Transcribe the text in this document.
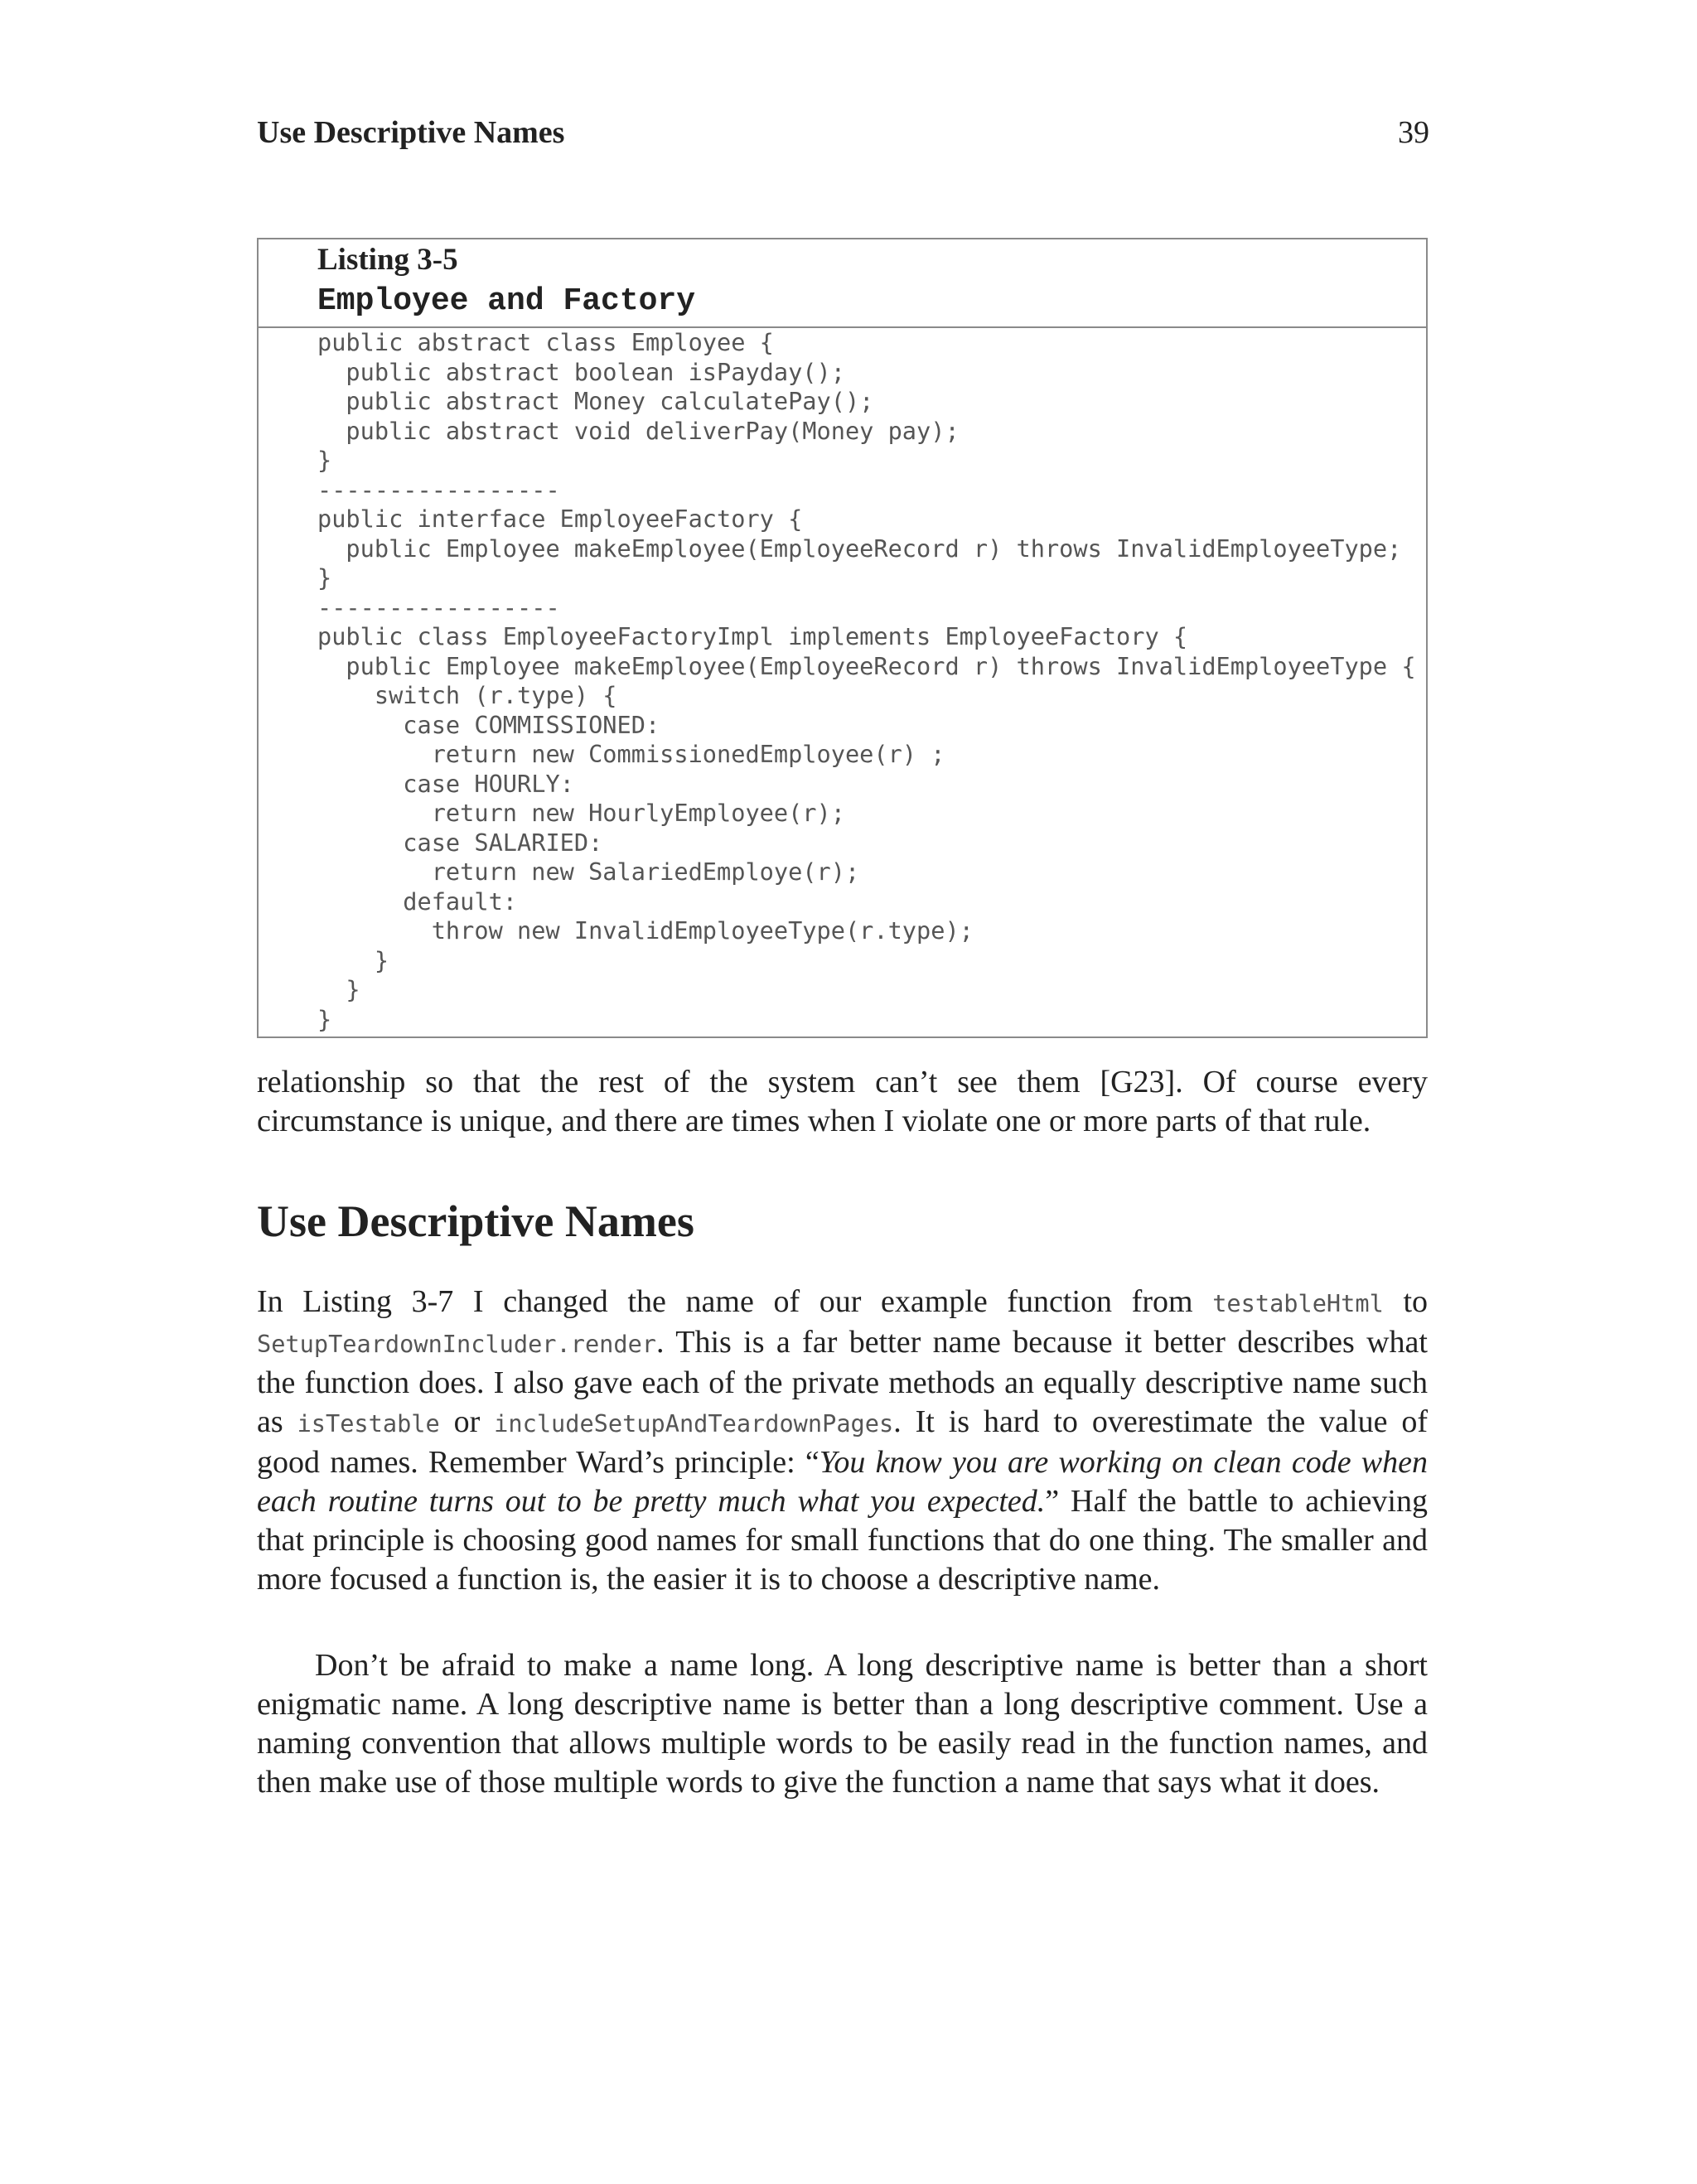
Use Descriptive Names	39
Listing 3-5
Employee and Factory
public abstract class Employee {
public abstract boolean isPayday();
public abstract Money calculatePay();
public abstract void deliverPay(Money pay);
}
-----------------
public interface EmployeeFactory {
public Employee makeEmployee(EmployeeRecord r) throws InvalidEmployeeType;
}
-----------------
public class EmployeeFactoryImpl implements EmployeeFactory {
public Employee makeEmployee(EmployeeRecord r) throws InvalidEmployeeType {
switch (r.type) {
case COMMISSIONED:
return new CommissionedEmployee(r) ;
case HOURLY:
return new HourlyEmployee(r);
case SALARIED:
return new SalariedEmploye(r);
default:
throw new InvalidEmployeeType(r.type);
}
}
}

relationship so that the rest of the system can’t see them [G23]. Of course every circumstance is unique, and there are times when I violate one or more parts of that rule.

Use Descriptive Names

In Listing 3-7 I changed the name of our example function from testableHtml to SetupTeardownIncluder.render. This is a far better name because it better describes what the function does. I also gave each of the private methods an equally descriptive name such as isTestable or includeSetupAndTeardownPages. It is hard to overestimate the value of good names. Remember Ward’s principle: “You know you are working on clean code when each routine turns out to be pretty much what you expected.” Half the battle to achieving that principle is choosing good names for small functions that do one thing. The smaller and more focused a function is, the easier it is to choose a descriptive name.

Don’t be afraid to make a name long. A long descriptive name is better than a short enigmatic name. A long descriptive name is better than a long descriptive comment. Use a naming convention that allows multiple words to be easily read in the function names, and then make use of those multiple words to give the function a name that says what it does.
